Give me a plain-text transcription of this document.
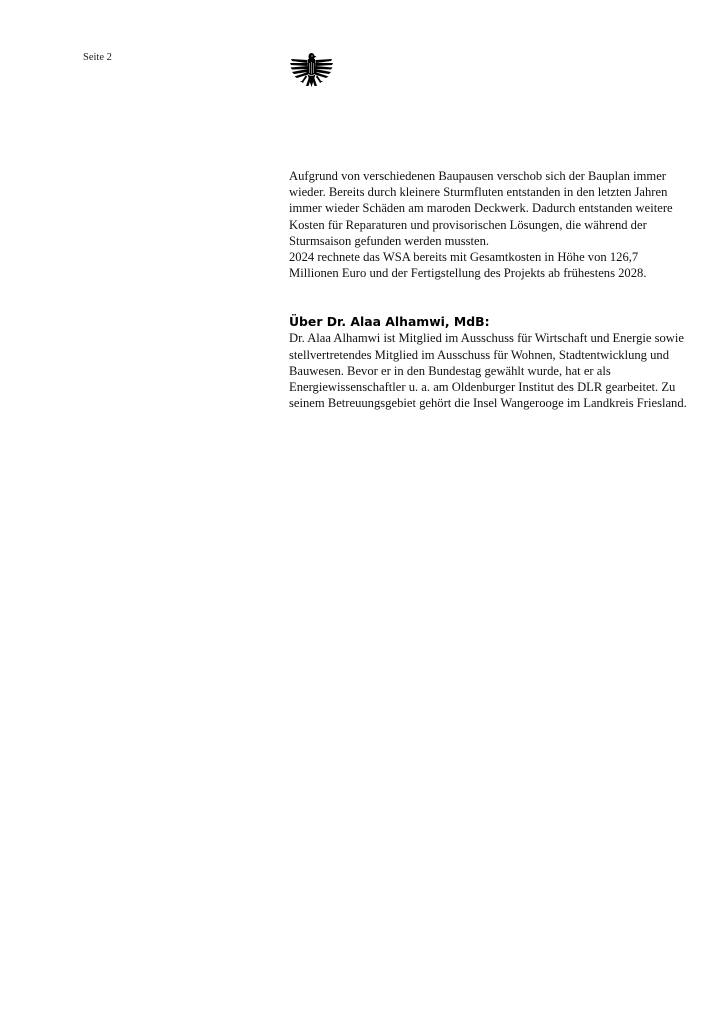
Seite 2

Aufgrund von verschiedenen Baupausen verschob sich der Bauplan immer wieder. Bereits durch kleinere Sturmfluten entstanden in den letzten Jahren immer wieder Schäden am maroden Deckwerk. Dadurch entstanden weitere Kosten für Reparaturen und provisorischen Lösungen, die während der Sturmsaison gefunden werden mussten.

2024 rechnete das WSA bereits mit Gesamtkosten in Höhe von 126,7 Millionen Euro und der Fertigstellung des Projekts ab frühestens 2028.

Über Dr. Alaa Alhamwi, MdB:

Dr. Alaa Alhamwi ist Mitglied im Ausschuss für Wirtschaft und Energie sowie stellvertretendes Mitglied im Ausschuss für Wohnen, Stadtentwicklung und Bauwesen. Bevor er in den Bundestag gewählt wurde, hat er als Energiewissenschaftler u. a. am Oldenburger Institut des DLR gearbeitet. Zu seinem Betreuungsgebiet gehört die Insel Wangerooge im Landkreis Friesland.
